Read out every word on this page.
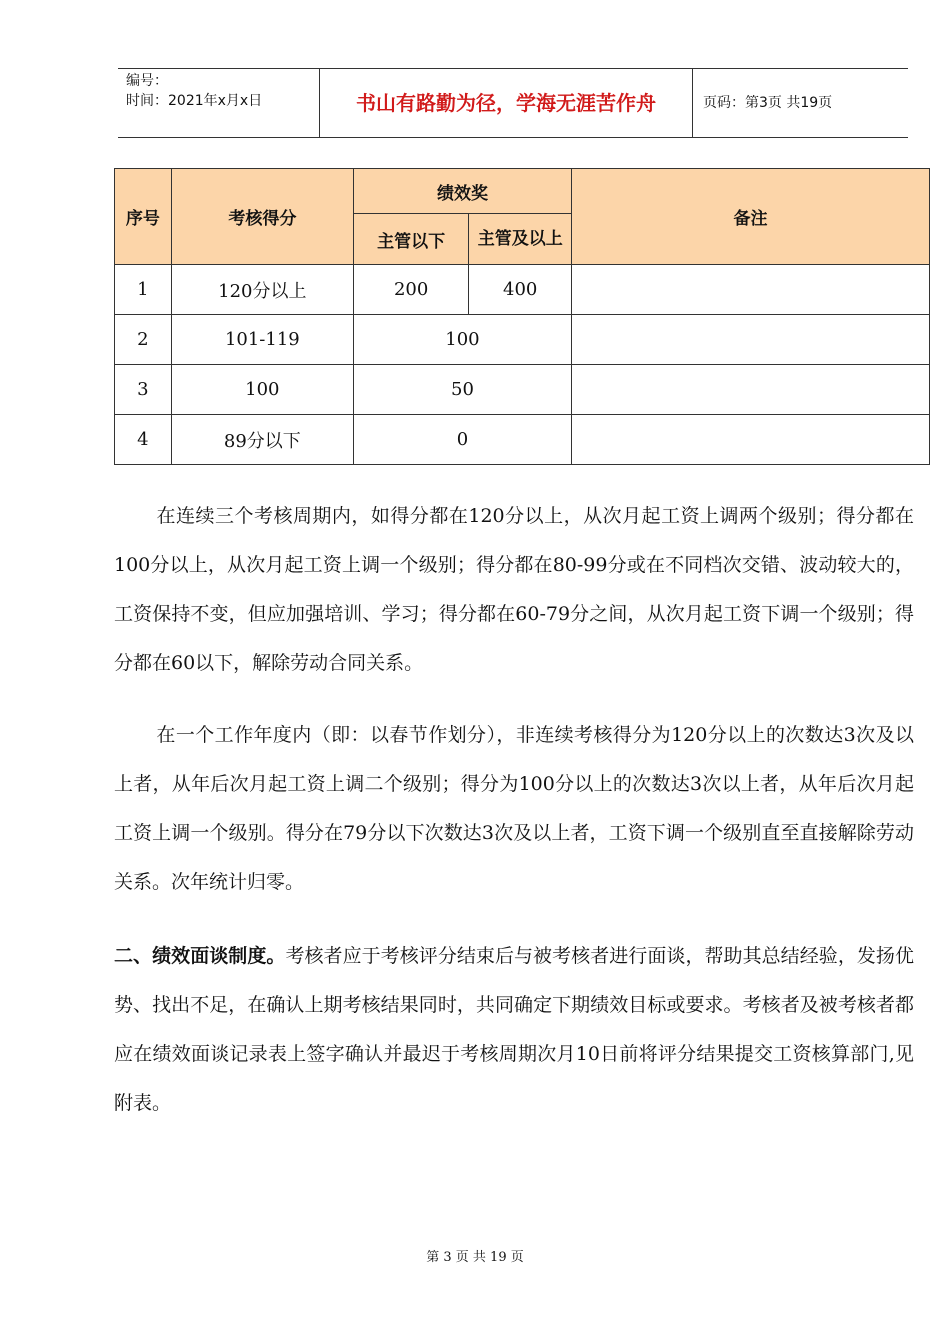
编号：
时间：2021年x月x日	书山有路勤为径，学海无涯苦作舟	页码：第3页 共19页
序号	考核得分	绩效奖		备注
		主管以下	主管及以上	
1	120分以上	200	400	
2	101-119	100		
3	100	50		
4	89分以下	0		

在连续三个考核周期内，如得分都在120分以上，从次月起工资上调两个级别；得分都在100分以上，从次月起工资上调一个级别；得分都在80-99分或在不同档次交错、波动较大的，工资保持不变，但应加强培训、学习；得分都在60-79分之间，从次月起工资下调一个级别；得分都在60以下，解除劳动合同关系。

在一个工作年度内（即：以春节作划分），非连续考核得分为120分以上的次数达3次及以上者，从年后次月起工资上调二个级别；得分为100分以上的次数达3次以上者，从年后次月起工资上调一个级别。得分在79分以下次数达3次及以上者，工资下调一个级别直至直接解除劳动关系。次年统计归零。

二、绩效面谈制度。考核者应于考核评分结束后与被考核者进行面谈，帮助其总结经验，发扬优势、找出不足，在确认上期考核结果同时，共同确定下期绩效目标或要求。考核者及被考核者都应在绩效面谈记录表上签字确认并最迟于考核周期次月10日前将评分结果提交工资核算部门,见附表。

第 3 页 共 19 页
